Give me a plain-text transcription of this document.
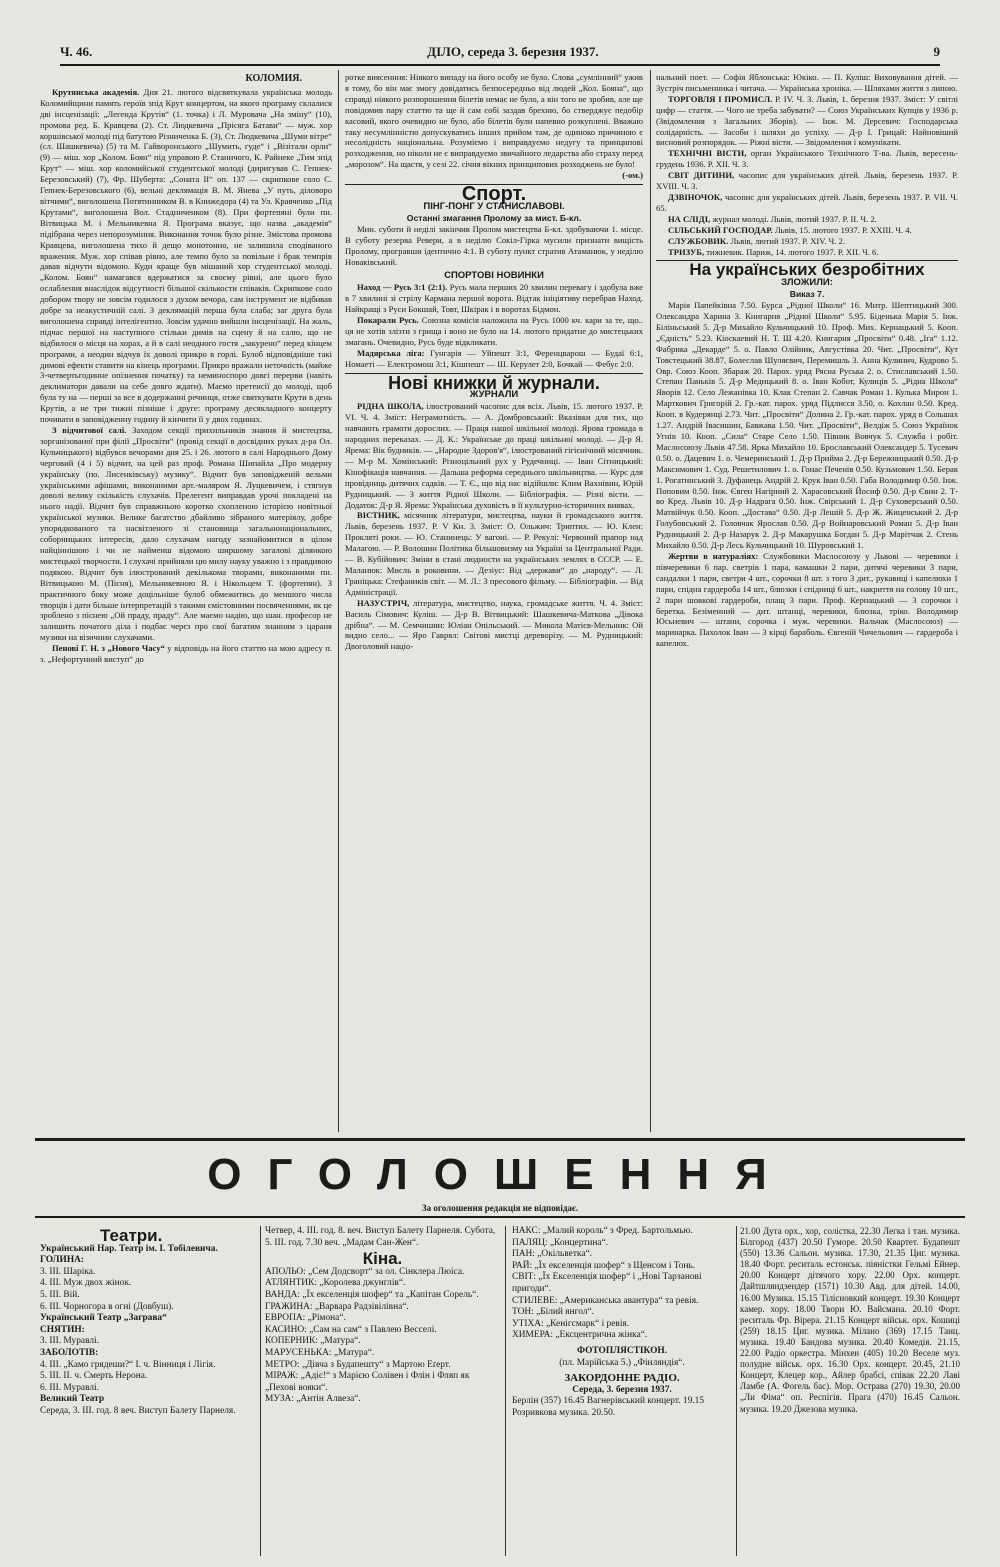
Ч. 46.	ДІЛО, середа 3. березня 1937.	9
КОЛОМИЯ.

Крутянська академія. Дня 21. лютого відсвяткувала українська молодь Коломийщини память героїв зпід Крут концертом, на якого програму склалися дві інсценізації: „Легенда Крутів“ (1. точка) і Л. Муровача „На зміну“ (10), промова ред. Б. Кравцева (2). Ст. Людкевича „Прісяга Батави“ — муж. хор коршівської молоді під батутою Різниченка Б. (3), Ст. Людкевича „Шуми вітре“ (сл. Шашкевича) (5) та М. Гайворонського „Шумить, гуде“ і „Візітали орли“ (9) — міш. хор „Колом. Боян“ під управою Р. Станичого, К. Райнеке „Тим зпід Крут“ — міш. хор коломийської студентської молоді (диригував С. Гепнек-Березовський) (7), Фр. Шуберта: „Соната II“ оп. 137 — скрипкове соло С. Гепнек-Березовського (6), вельні деклямація В. М. Янева „У путь, діловоро вітчими“, виголошена Потятинником В. в Книжедора (4) та Ул. Кравченко „Під Крутами“, виголошена Вол. Стадниченком (8). При фортепяні були пн. Вітвицька М. і Мельникевна Я. Програма вказує, що назва „академія“ підібрана через непорозуміння. Виконання точок було різне. Змістова промова Кравцева, виголошена тихо й дещо монотонно, не залишила сподіваного враження. Муж. хор співав рівно, але темпо було за повільне і брак темпрів давав відчути відомою. Куди краще був мішаний хор студентської молоді. „Колом. Боян“ намагався вдержатися за своєму рівні, але цього було ослаблення внаслідок відсутності більшої скількости співаків. Скрипкове соло добором твору не зовсім годилося з духом вечора, сам інструмент не відбивав добре за неакустичній салі. З деклямацій перша була слаба; заг друга була виголошена справді інтелігентно. Зовсім удачно вийшли інсценізації. На жаль, підчас першої на наступного стільки димів на сцену й на салю, що не відбилося о місця на хорах, а й в салі неодного гостя „закурено“ перед кінцем програми, а неодин відчув їх доволі прикро в горлі. Булоб відповідніше такі димові ефекти ставити на кінець програми. Прикро вражали неточність (майже 3-четвертьгодинне опізнення початку) та неминоспоро довгі перерви (навіть деклиматори давали на себе довго ждати). Маємо претенсії до молоді, щоб була ту на — перші за все в додержанні речинця, отже святкувати Крути в день Крутів, а не три тижні пізніше і друге: програму десякладного концерту почивати в заповідженну годину й кінчити її у двох годинах.

З відчитової салі. Заходом секції прихильників знання й мистецтва, зорганізованої при філії „Просвіти“ (провід секції в досвідних руках д-ра Ол. Кульчицького) відбувся вечорами дня 25. і 26. лютого в салі Народнього Дому черговий (4 і 5) відчит, на цей раз проф. Романа Шипайла „Про модерну українську (по. Лисенківську) музику“. Відчит був заповідженій вельми українськими афішами, виконаними арт.-маляром Я. Луцкевичем, і стягнув доволі велику скількість слухачів. Прелегент виправдав урочі покладені на нього надії. Відчит був справжньою коротко схопленою історією новітньої української музики. Велике багатство дбайливо зібраного матеріялу, добре упорядкованого та насвітленого зі становища загальнонаціональних, соборницьких інтересів, дало слухачам нагоду зазнайомитися в цілом найціннішою і чи не найменш відомою ширшому загалові ділянкою мистецької творчости. І слухачі прийняли цю милу науку уважно і з правдивою подякою. Відчит був ілюстрований декількома творами, виконаними пн. Вітвицькою М. (Пісня), Мельникевною Я. і Нікольцем Т. (фортепян). З практичного боку може доцільніше булоб обмежитись до меншого числа творців і дати більше інтерпретацій з такими ємістовними посвяченнями, як це зроблено з піснею „Ой праду, праду“. Але маємо надію, що шан. професор не залишить початого діла і подбає черєз про свої багатим знанням з цараня музики на візичнин слухачами.

Пенові Г. Н. з „Нового Часу“ у відповідь на його статтю на мою адресу п. з. „Нефортунний виступ“ до

ротке виясенння: Ніякого випаду на його особу не було. Слова „сумлінний“ ужив я тому, бо він має змогу довідатись безпосередньо від людей „Кол. Бояна“, що справді ніякого розпорошення білетів немає не було, а він того не зробив, але ще повідомив пару статтю та ще й сам собі заздав брехню, бо стверджує педобір касовий, якого очевидно не було, або білетів були напевно розкуплені. Вважаю таку несумлінністю допускуватись інших прийом там, де одиноко причиною є несолідність національна. Розуміємо і виправдуємо недугу та принципові розходження, но ніколи не є виправдуємо звичайного ледарства або страху перед „морозом“. На щастя, у сезі 22. січня вікних принципових розходжень не було!

(-ом.)
Спорт.
ПІНГ-ПОНГ У СТАНИСЛАВОВІ.
Останні змагання Пролому за мист. Б-кл.

Мин. суботи й неділі закінчив Пролом мистецтва Б-кл. здобуваючи 1. місце. В суботу резерва Ревери, а в неділю Сокіл-Гірка мусили признати вищість Пролому, програвши ідентично 4:1. В суботу пункт стратив Атаманюк, у неділю Новаківський.

СПОРТОВІ НОВИНКИ

Наход — Русь 3:1 (2:1). Русь мала перших 20 хвилин перевагу і здобула вже в 7 хвилині зі стрілу Кармана першої ворота. Відтак ініціятиву перебрав Наход. Найкращі з Руси Бокшай, Товт, Шкірак і в воротах Бідмон.

Покарали Русь. Союзна комісія наложила на Русь 1000 кч. кари за те, що.. ця не хотів злізти з грища і воно не було на 14. лютого придатне до мистецьких змагань. Очевидно, Русь буде відкликати.

Мадярська ліга: Гунгарія — Уйпешт 3:1, Ференцварош — Будаї 6:1, Номаеті — Електромош 3:1, Кішпешт — Ш. Керулет 2:0, Бочкай — Фебус 2:0.

Нові книжки й журнали.
ЖУРНАЛИ

РІДНА ШКОЛА, ілюстрований часопис для всіх. Львів, 15. лютого 1937. Р. VI. Ч. 4. Зміст: Неграмотність. — А. Домбровський: Вказівки для тих, що навчають грамоти дорослих. — Праця нашої шкільної молоді. Ярова громада в народних переказах. — Д. К.: Українське до праці шкільної молоді. — Д-р Я. Ярема: Вік будників. — „Народне Здоров'я“, ілюстрований гігієнічний місячник. — М-р М. Хомінський: Різноцільний рух у Рудечниці. — Іван Сітницький: Кінофікація навчання. — Дальша реформа середнього шкільництва. — Курс для провідниць дитячих садків. — Т. Є., що від нас відійшли: Клим Вахнівин, Юрій Рудницький. — З життя Рідної Школи. — Бібліографія. — Різні вісти. — Додаток: Д-р Я. Ярема: Українська духовість в її культурно-історичних виявах.

ВІСТНИК, місячник літератури, мистецтва, науки й громадського життя. Львів, березень 1937. Р. V Кн. 3. Зміст: О. Ольжич: Триптих. — Ю. Клен: Прокляті роки. — Ю. Станинець: У вагоні. — Р. Рекулі: Червоний прапор над Малагою. — Р. Волошин Політика більшовизму на Україні за Центральної Ради. — В. Кубійович: Зміни в стані людности на українських землях в СССР. — Е. Маланюк: Мисль в роковини. — Дезіус: Від „держави“ до „народу“. — Л. Граніцька: Стефаників світ. — М. Л.: З пресового фільму. — Бібліографія. — Від Адміністрації.

НАЗУСТРІЧ, література, мистецтво, наука, громадське життя. Ч. 4. Зміст: Василь Сімович: Куліш. — Д-р В. Вітвицький: Шашкевича-Маткова „Дівока дрібна“. — М. Семчишин: Юліан Опільський. — Микола Матієв-Мельник: Ой видно село... — Яро Гаврял: Світові мистці дереворізу. — М. Рудницький: Двоголовий націо-

нальний поет. — Софія Яблонська: Юкіко. — П. Куліш: Виховування дітей. — Зустріч письменника і читача. — Українська хроніка. — Шляхами життя з липою.

ТОРГОВЛЯ І ПРОМИСЛ. Р. IV. Ч. 3. Львів, 1. березня 1937. Зміст: У світлі цифр — стаття. — Чого не треба забувати? — Союз Українських Купців у 1936 р. (Звідомлення з Загальних Зборів). — Інж. М. Дерсевич: Господарська солідарність. — Засоби і шляхи до успіху. — Д-р І. Грицай: Найновіший висновий розпорядок. — Ріжні вісти. — Звідомлення і комунікати.

ТЕХНІЧНІ ВІСТИ, орган Українського Технічного Т-ва. Львів, вересень-грудень 1936. Р. XII. Ч. 3.

СВІТ ДИТИНИ, часопис для українських дітей. Львів, березень 1937. Р. XVIII. Ч. 3.

ДЗВІНОЧОК, часопис для українських дітей. Львів, березень 1937. Р. VII. Ч. 65.

НА СЛІДІ, журнал молоді. Львів, лютий 1937. Р. II. Ч. 2.

СІЛЬСЬКИЙ ГОСПОДАР. Львів, 15. лютого 1937. Р. XXIII. Ч. 4.

СЛУЖБОВИК. Львів, лютий 1937. Р. XIV. Ч. 2.

ТРИЗУБ, тижневик. Париж, 14. лютого 1937. Р. XII. Ч. 6.

На українських безробітних
ЗЛОЖИЛИ:
Виказ 7.

Марія Папейківна 7.50. Бурса „Рідної Школи“ 16. Митр. Шептицький 300. Олександра Харина 3. Книгарня „Рідної Школи“ 5.95. Біденька Марія 5. Інж. Біліньський 5. Д-р Михайло Кульчицький 10. Проф. Мих. Кернацький 5. Кооп. „Єдність“ 5.23. Кіоскаевий Н. Т. Ш 4.20. Книгарня „Просвіти“ 0.48. „Іга“ 1.12. Фабрика „Декарде“ 5. о. Павло Олійник, Августівка 20. Чит. „Просвіти“, Кут Товстецький 38.87, Болеслав Шуляєвич, Перемишль 3. Анна Кулинич, Кудрово 5. Овр. Союз Кооп. Збараж 20. Парох. уряд Рясна Руська 2. о. Стиславський 1.50. Степан Паньків 5. Д-р Медицький 8. о. Іван Кобот, Кулиців 5. „Рідна Школа“ Яворів 12. Село Лежанівка 10. Клак Степан 2. Савчак Роман 1. Кулька Мирон 1. Марткович Григорій 2. Гр.-кат. парох. уряд Підлисся 3.50, о. Кохлан 0.50. Кред. Кооп. в Кудерянці 2.73. Чит. „Просвіти“ Долина 2. Гр.-кат. парох. уряд в Сольшах 1.27. Андрій Івасишин, Бавжава 1.50. Чит. „Просвіти“, Велдіж 5. Союз Українок Угнів 10. Кооп. „Сила“ Старе Село 1.50. Півник Вовчук 5. Служба і робіт. Маслосоюзу Львів 47.58. Ярка Михайло 10. Брославський Олександер 5. Тусевич 0.50. о. Дацевич 1. о. Чемеринський 1. Д-р Прийма 2. Д-р Бережницький 0.50. Д-р Максимович 1. Суд. Решетилович 1. о. Гонас Печенів 0.50. Кузьмович 1.50. Берак 1. Рогатинський 3. Дуфанець Андрій 2. Крук Іван 0.50. Габа Володимир 0.50. Інж. Поповим 0.50. Інж. Євген Нагірний 2. Харасовський Йосиф 0.50. Д-р Євин 2. Т-во Кред. Львів 10. Д-р Надрага 0.50. Інж. Свірський 1. Д-р Суховерський 0.50. Матвійчук 0.50. Кооп. „Достава“ 0.50. Д-р Лешій 5. Д-р Ж. Жиценський 2. Д-р Голубовський 2. Головчак Ярослав 0.50. Д-р Войнаровський Роман 5. Д-р Іван Рудницький 2. Д-р Назарук 2. Д-р Макарушка Богдан 5. Д-р Марітчак 2. Стень Михайло 0.50. Д-р Лесь Кульчицький 10. Шуровський 1.

Жертви в натураліях: Службовики Маслосоюзу у Львові — черевики і півчеревики 6 пар. светрів 1 пара, камашки 2 пари, дитячі черевики 3 пари, сандалки 1 пари, светри 4 шт., сорочки 8 шт. з того 3 дит., рукавиці і капелюхи 1 пари, спідна гардероба 14 шт., блюзки і спідниці 6 шт., накриття на голову 10 шт., 2 пари шовкові гардероби, плащ 3 пари. Проф. Кернацький — 3 сорочки і беретка. Безіменний — дит. штанці, черевики, блюзка, тріко. Володимир Юсьневич — штани, сорочка і муж. черевики. Вальчак (Маслосоюз) — маринарка. Пахолок Іван — 3 кірці бараболь. Євгеній Чичельович — гардероба і капелюх.

ОГОЛОШЕННЯ
За оголошення редакція не відповідає.
Театри.
Український Нар. Театр ім. І. Тобілевича.
ГОЛИНА:
3. III. Шаріка.
4. III. Муж двох жінок.
5. III. Вій.
6. III. Чорногора в огні (Довбуш).
Український Театр „Заграва“
СНЯТИН:
3. III. Муравлі.
ЗАБОЛОТІВ:
4. III. „Камо грядеши?“ І. ч. Вінниця і Лігія.
5. III. II. ч. Смерть Нерона.
6. III. Муравлі.
Великий Театр
Середа, 3. III. год. 8 веч. Виступ Балету Парнеля.
Четвер, 4. III. год. 8. веч. Виступ Балету Парнеля. Субота, 5. III. год. 7.30 веч. „Мадам Сан-Жен“.
Кіна.
АПОЛЬО: „Сем Додсворт“ за ол. Сінклера Люіса.
АТЛЯНТИК: „Королева джунглів“.
ВАНДА: „Їх екселенція шофер“ та „Капітан Сорель“.
ГРАЖИНА: „Варвара Радзівілівна“.
ЕВРОПА: „Рімона“.
КАСИНО: „Сам на сам“ з Павлею Весселі.
КОПЕРНИК: „Матура“.
МАРУСЕНЬКА: „Матура“.
МЕТРО: „Дівча з Будапешту“ з Мартою Еґерт.
МІРАЖ: „Адіє!“ з Марією Солівен і Флін і Фляп як „Пехові вояки“.
МУЗА: „Антін Алвеза“.
НАКС: „Малий король“ з Фред. Бартольмью.
ПАЛЯЦ: „Концертина“.
ПАН: „Окільветка“.
РАЙ: „Їх екселенція шофер“ з Щенсом і Тонь.
СВІТ: „Їх Екселенція шофер“ і „Нові Тарзанові пригоди“.
СТИЛЕВЕ: „Американська авантура“ та ревія.
ТОН: „Білий янгол“.
УТІХА: „Кенігсмарк“ і ревія.
ХИМЕРА: „Ексцентрична жінка“.
ФОТОПЛЯСТІКОН.
(пл. Марійська 5.) „Фінляндія“.
ЗАКОРДОННЕ РАДІО.
Середа, 3. березня 1937.
Берлін (357) 16.45 Вагнерівський концерт. 19.15 Розривкова музика. 20.50.
21.00 Дута орх., хор, солістка, 22.30 Легка і тан. музика. Білгород (437) 20.50 Гуморе. 20.50 Квартет. Будапешт (550) 13.36 Сальон. музика. 17.30, 21.35 Циг. музика. 18.40 Форт. реситаль естонськ. піяністки Гельмі Ейнер. 20.00 Концерт дітячого хору. 22.00 Орх. концерт. Дайтшляндзендер (1571) 10.30 Авд. для дітей. 14.00, 16.00 Музика. 15.15 Тілісновкий концерт. 19.30 Концерт камер. хору. 18.00 Твори Ю. Вайсмана. 20.10 Форт. реситаль Фр. Вірера. 21.15 Концерт військ. орх. Кошиці (259) 18.15 Циг. музика. Мілано (369) 17.15 Танц. музика. 19.40 Бандова музика. 20.40 Комедія. 21.15, 22.00 Радіо оркестра. Мінхен (405) 10.20 Веселе муз. полудне військ. орх. 16.30 Орх. концерт. 20.45, 21.10 Концерт, Клецер кор., Айлер брабсі, співак 22.20 Лаві Ламбе (А. Фогель бас). Мор. Острава (270) 19.30, 20.00 „Ли Фіма“ оп. Респігія. Прага (470) 16.45 Сальон. музика. 19.20 Джезова музика.
